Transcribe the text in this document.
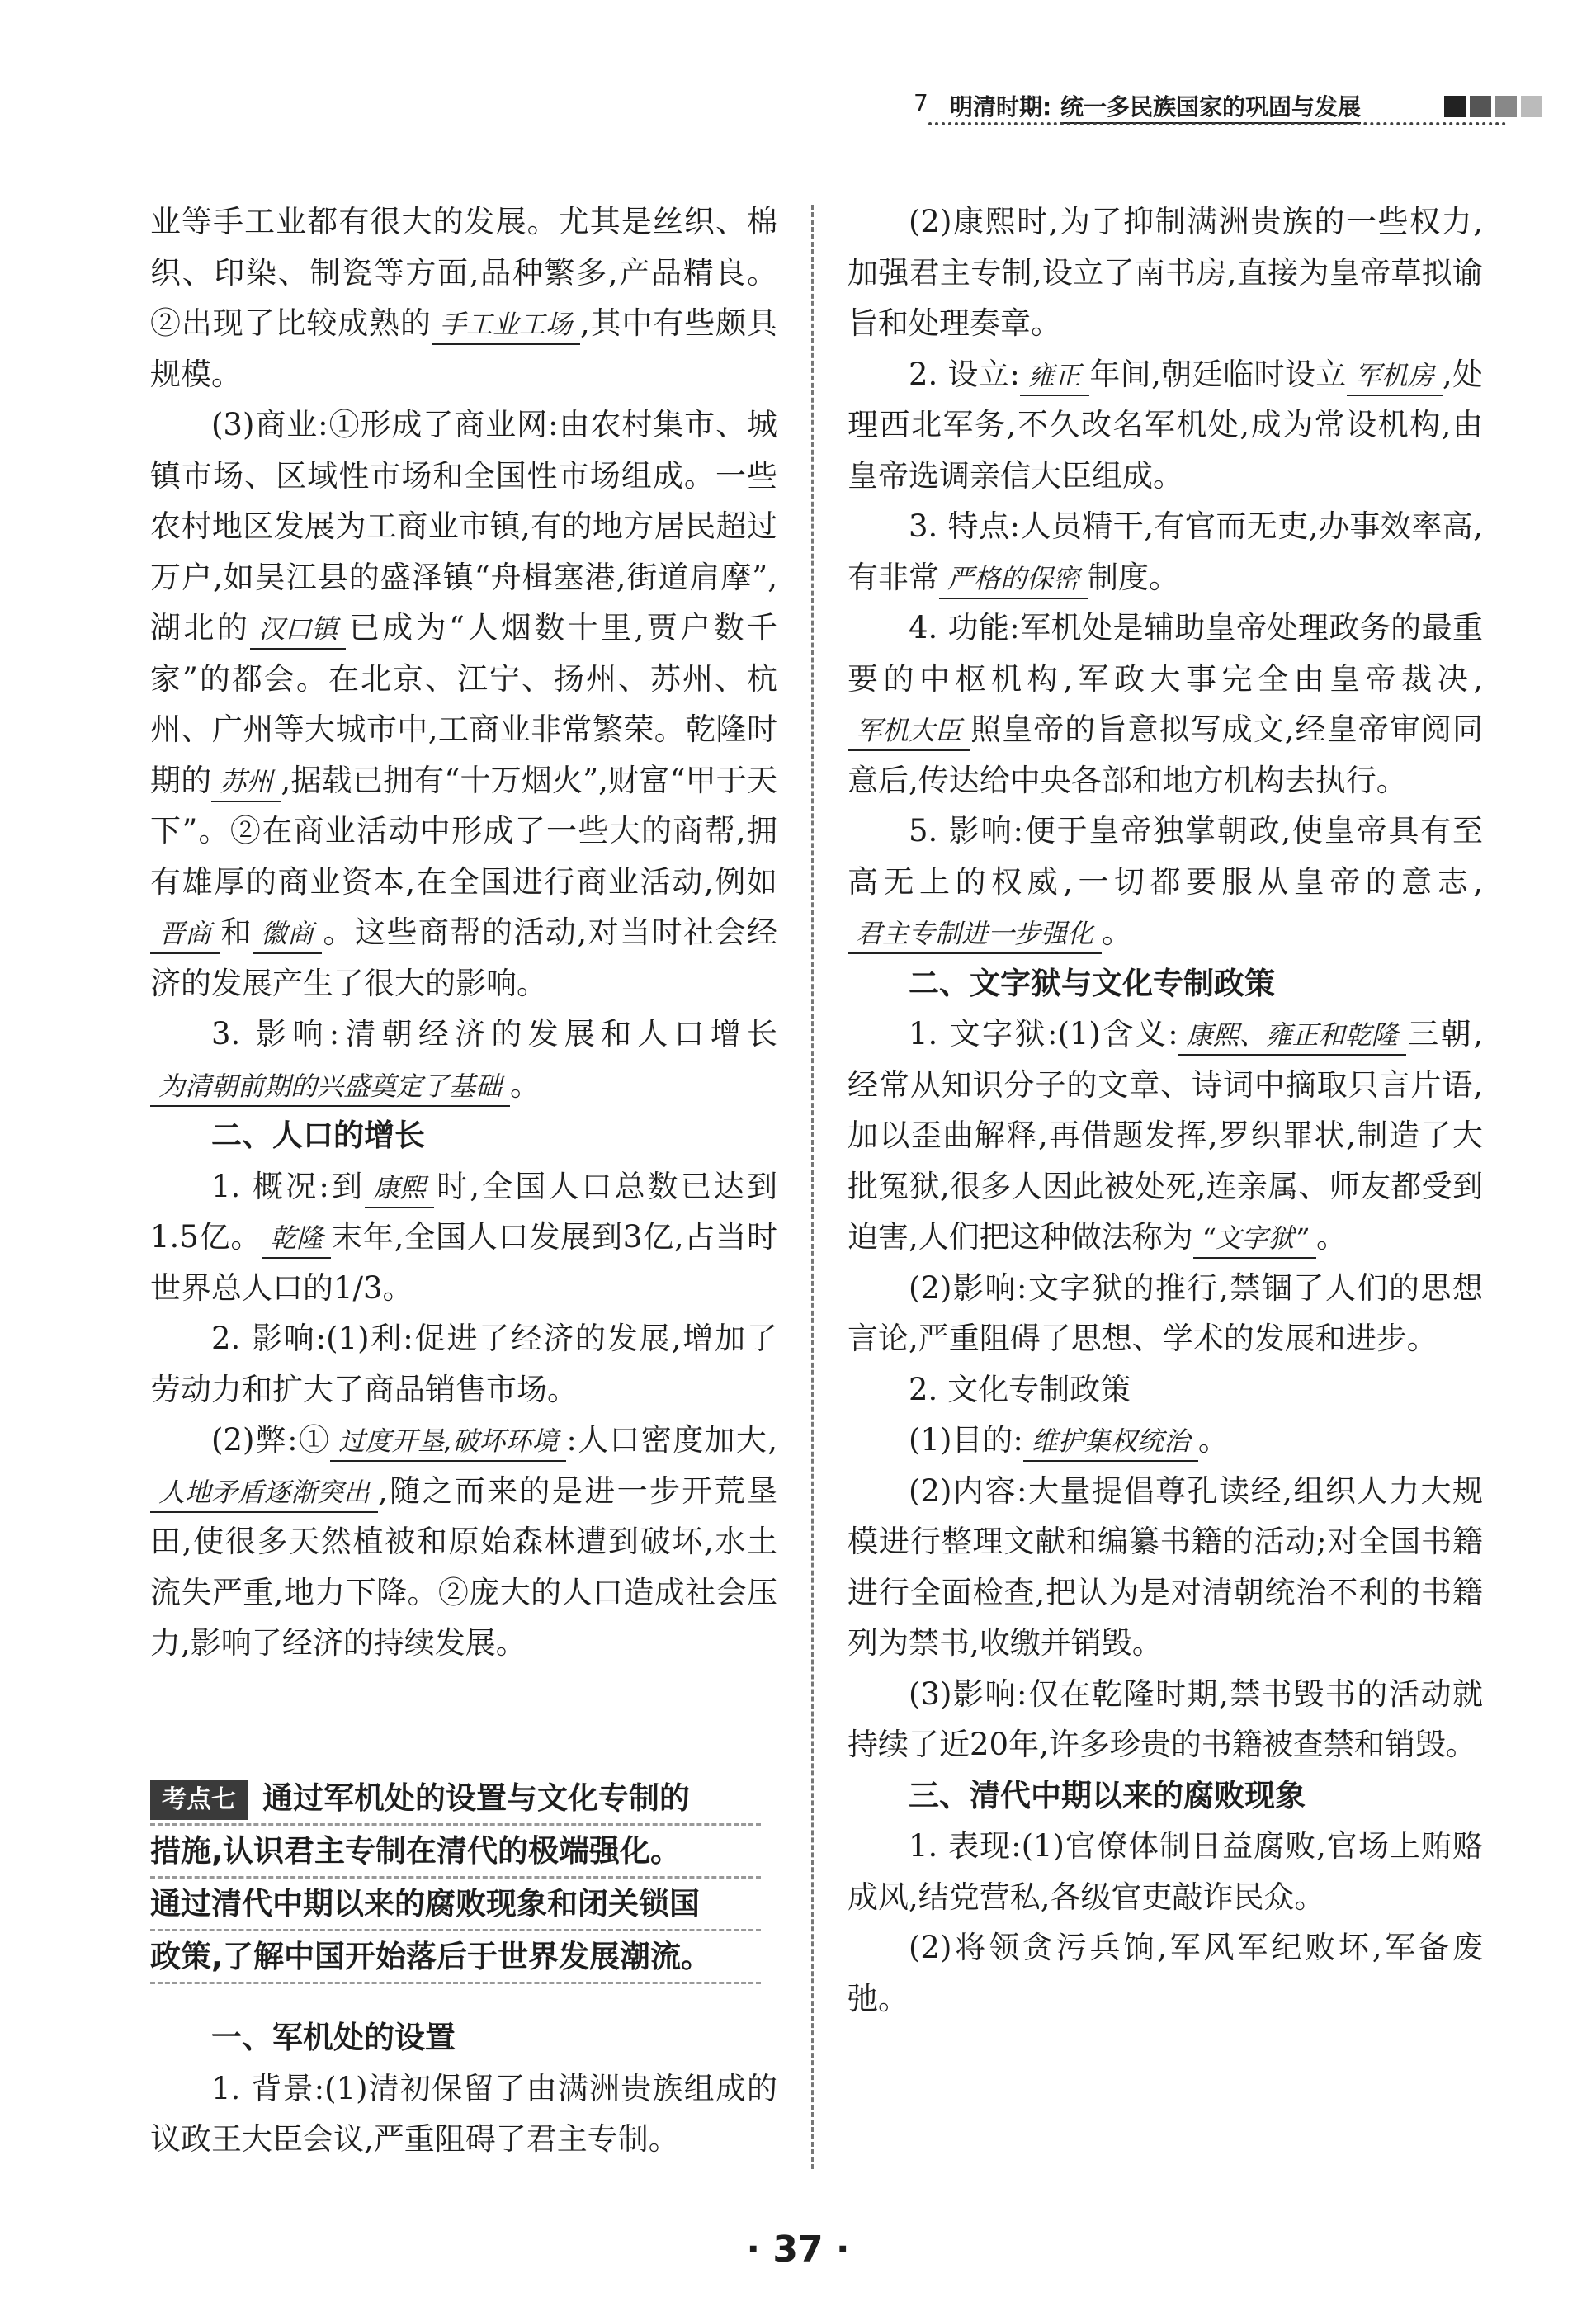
7 明清时期: 统一多民族国家的巩固与发展

业等手工业都有很大的发展。尤其是丝织、棉织、印染、制瓷等方面,品种繁多,产品精良。②出现了比较成熟的 手工业工场 ,其中有些颇具规模。

(3)商业:①形成了商业网:由农村集市、城镇市场、区域性市场和全国性市场组成。一些农村地区发展为工商业市镇,有的地方居民超过万户,如吴江县的盛泽镇“舟楫塞港,街道肩摩”,湖北的 汉口镇 已成为“人烟数十里,贾户数千家”的都会。在北京、江宁、扬州、苏州、杭州、广州等大城市中,工商业非常繁荣。乾隆时期的 苏州 ,据载已拥有“十万烟火”,财富“甲于天下”。②在商业活动中形成了一些大的商帮,拥有雄厚的商业资本,在全国进行商业活动,例如晋商 和 徽商 。这些商帮的活动,对当时社会经济的发展产生了很大的影响。

3. 影响:清朝经济的发展和人口增长为清朝前期的兴盛奠定了基础 。

二、人口的增长

1. 概况:到 康熙 时,全国人口总数已达到1.5亿。 乾隆 末年,全国人口发展到3亿,占当时世界总人口的1/3。

2. 影响:(1)利:促进了经济的发展,增加了劳动力和扩大了商品销售市场。

(2)弊:① 过度开垦,破坏环境 :人口密度加大,人地矛盾逐渐突出 ,随之而来的是进一步开荒垦田,使很多天然植被和原始森林遭到破坏,水土流失严重,地力下降。②庞大的人口造成社会压力,影响了经济的持续发展。

考点七 通过军机处的设置与文化专制的
措施,认识君主专制在清代的极端强化。
通过清代中期以来的腐败现象和闭关锁国
政策,了解中国开始落后于世界发展潮流。
一、军机处的设置

1. 背景:(1)清初保留了由满洲贵族组成的议政王大臣会议,严重阻碍了君主专制。

(2)康熙时,为了抑制满洲贵族的一些权力,加强君主专制,设立了南书房,直接为皇帝草拟谕旨和处理奏章。

2. 设立: 雍正 年间,朝廷临时设立 军机房 ,处理西北军务,不久改名军机处,成为常设机构,由皇帝选调亲信大臣组成。

3. 特点:人员精干,有官而无吏,办事效率高,有非常 严格的保密 制度。

4. 功能:军机处是辅助皇帝处理政务的最重要的中枢机构,军政大事完全由皇帝裁决,军机大臣 照皇帝的旨意拟写成文,经皇帝审阅同意后,传达给中央各部和地方机构去执行。

5. 影响:便于皇帝独掌朝政,使皇帝具有至高无上的权威,一切都要服从皇帝的意志,君主专制进一步强化 。

二、文字狱与文化专制政策

1. 文字狱:(1)含义: 康熙、雍正和乾隆 三朝,经常从知识分子的文章、诗词中摘取只言片语,加以歪曲解释,再借题发挥,罗织罪状,制造了大批冤狱,很多人因此被处死,连亲属、师友都受到迫害,人们把这种做法称为 “文字狱” 。

(2)影响:文字狱的推行,禁锢了人们的思想言论,严重阻碍了思想、学术的发展和进步。

2. 文化专制政策

(1)目的: 维护集权统治 。

(2)内容:大量提倡尊孔读经,组织人力大规模进行整理文献和编纂书籍的活动;对全国书籍进行全面检查,把认为是对清朝统治不利的书籍列为禁书,收缴并销毁。

(3)影响:仅在乾隆时期,禁书毁书的活动就持续了近20年,许多珍贵的书籍被查禁和销毁。

三、清代中期以来的腐败现象

1. 表现:(1)官僚体制日益腐败,官场上贿赂成风,结党营私,各级官吏敲诈民众。

(2)将领贪污兵饷,军风军纪败坏,军备废弛。

· 37 ·
